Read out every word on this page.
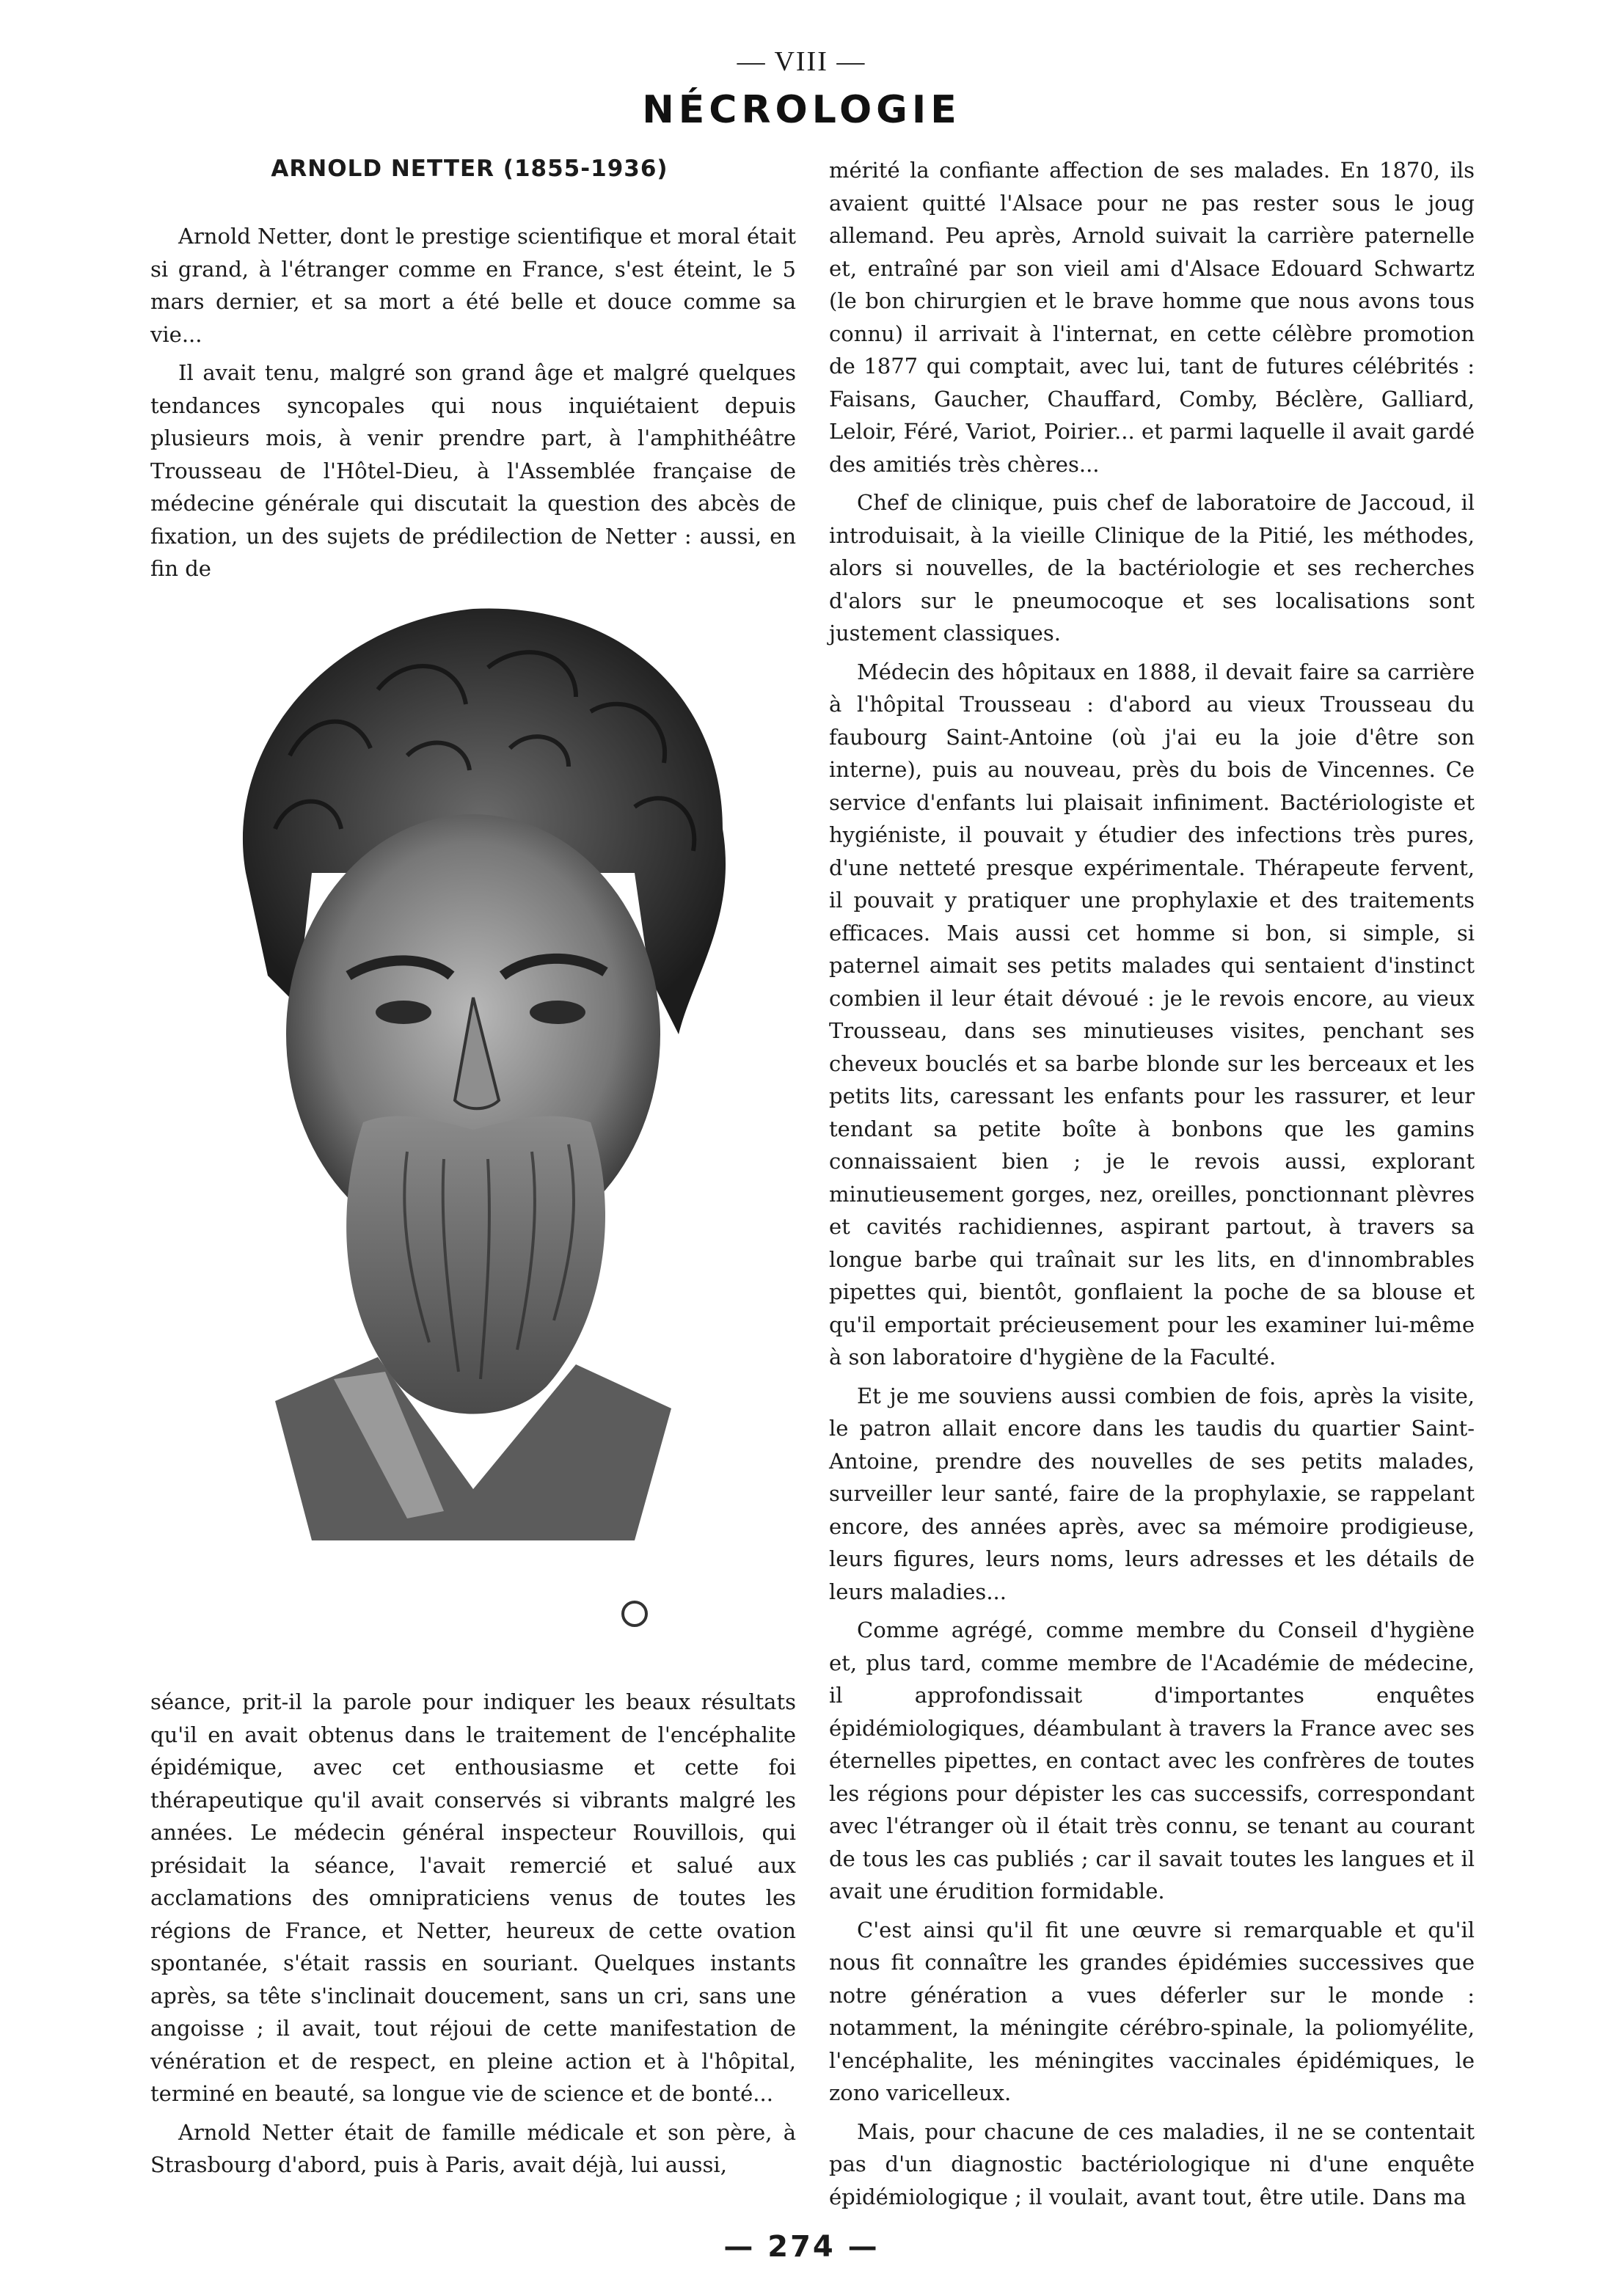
— VIII —
NÉCROLOGIE
ARNOLD NETTER (1855-1936)

Arnold Netter, dont le prestige scientifique et moral était si grand, à l'étranger comme en France, s'est éteint, le 5 mars dernier, et sa mort a été belle et douce comme sa vie...

Il avait tenu, malgré son grand âge et malgré quelques tendances syncopales qui nous inquiétaient depuis plusieurs mois, à venir prendre part, à l'amphithéâtre Trousseau de l'Hôtel-Dieu, à l'Assemblée française de médecine générale qui discutait la question des abcès de fixation, un des sujets de prédilection de Netter : aussi, en fin de

séance, prit-il la parole pour indiquer les beaux résultats qu'il en avait obtenus dans le traitement de l'encéphalite épidémique, avec cet enthousiasme et cette foi thérapeutique qu'il avait conservés si vibrants malgré les années. Le médecin général inspecteur Rouvillois, qui présidait la séance, l'avait remercié et salué aux acclamations des omnipraticiens venus de toutes les régions de France, et Netter, heureux de cette ovation spontanée, s'était rassis en souriant. Quelques instants après, sa tête s'inclinait doucement, sans un cri, sans une angoisse ; il avait, tout réjoui de cette manifestation de vénération et de respect, en pleine action et à l'hôpital, terminé en beauté, sa longue vie de science et de bonté...

Arnold Netter était de famille médicale et son père, à Strasbourg d'abord, puis à Paris, avait déjà, lui aussi,

mérité la confiante affection de ses malades. En 1870, ils avaient quitté l'Alsace pour ne pas rester sous le joug allemand. Peu après, Arnold suivait la carrière paternelle et, entraîné par son vieil ami d'Alsace Edouard Schwartz (le bon chirurgien et le brave homme que nous avons tous connu) il arrivait à l'internat, en cette célèbre promotion de 1877 qui comptait, avec lui, tant de futures célébrités : Faisans, Gaucher, Chauffard, Comby, Béclère, Galliard, Leloir, Féré, Variot, Poirier... et parmi laquelle il avait gardé des amitiés très chères...

Chef de clinique, puis chef de laboratoire de Jaccoud, il introduisait, à la vieille Clinique de la Pitié, les méthodes, alors si nouvelles, de la bactériologie et ses recherches d'alors sur le pneumocoque et ses localisations sont justement classiques.

Médecin des hôpitaux en 1888, il devait faire sa carrière à l'hôpital Trousseau : d'abord au vieux Trousseau du faubourg Saint-Antoine (où j'ai eu la joie d'être son interne), puis au nouveau, près du bois de Vincennes. Ce service d'enfants lui plaisait infiniment. Bactériologiste et hygiéniste, il pouvait y étudier des infections très pures, d'une netteté presque expérimentale. Thérapeute fervent, il pouvait y pratiquer une prophylaxie et des traitements efficaces. Mais aussi cet homme si bon, si simple, si paternel aimait ses petits malades qui sentaient d'instinct combien il leur était dévoué : je le revois encore, au vieux Trousseau, dans ses minutieuses visites, penchant ses cheveux bouclés et sa barbe blonde sur les berceaux et les petits lits, caressant les enfants pour les rassurer, et leur tendant sa petite boîte à bonbons que les gamins connaissaient bien ; je le revois aussi, explorant minutieusement gorges, nez, oreilles, ponctionnant plèvres et cavités rachidiennes, aspirant partout, à travers sa longue barbe qui traînait sur les lits, en d'innombrables pipettes qui, bientôt, gonflaient la poche de sa blouse et qu'il emportait précieusement pour les examiner lui-même à son laboratoire d'hygiène de la Faculté.

Et je me souviens aussi combien de fois, après la visite, le patron allait encore dans les taudis du quartier Saint-Antoine, prendre des nouvelles de ses petits malades, surveiller leur santé, faire de la prophylaxie, se rappelant encore, des années après, avec sa mémoire prodigieuse, leurs figures, leurs noms, leurs adresses et les détails de leurs maladies...

Comme agrégé, comme membre du Conseil d'hygiène et, plus tard, comme membre de l'Académie de médecine, il approfondissait d'importantes enquêtes épidémiologiques, déambulant à travers la France avec ses éternelles pipettes, en contact avec les confrères de toutes les régions pour dépister les cas successifs, correspondant avec l'étranger où il était très connu, se tenant au courant de tous les cas publiés ; car il savait toutes les langues et il avait une érudition formidable.

C'est ainsi qu'il fit une œuvre si remarquable et qu'il nous fit connaître les grandes épidémies successives que notre génération a vues déferler sur le monde : notamment, la méningite cérébro-spinale, la poliomyélite, l'encéphalite, les méningites vaccinales épidémiques, le zono varicelleux.

Mais, pour chacune de ces maladies, il ne se contentait pas d'un diagnostic bactériologique ni d'une enquête épidémiologique ; il voulait, avant tout, être utile. Dans ma

— 274 —
